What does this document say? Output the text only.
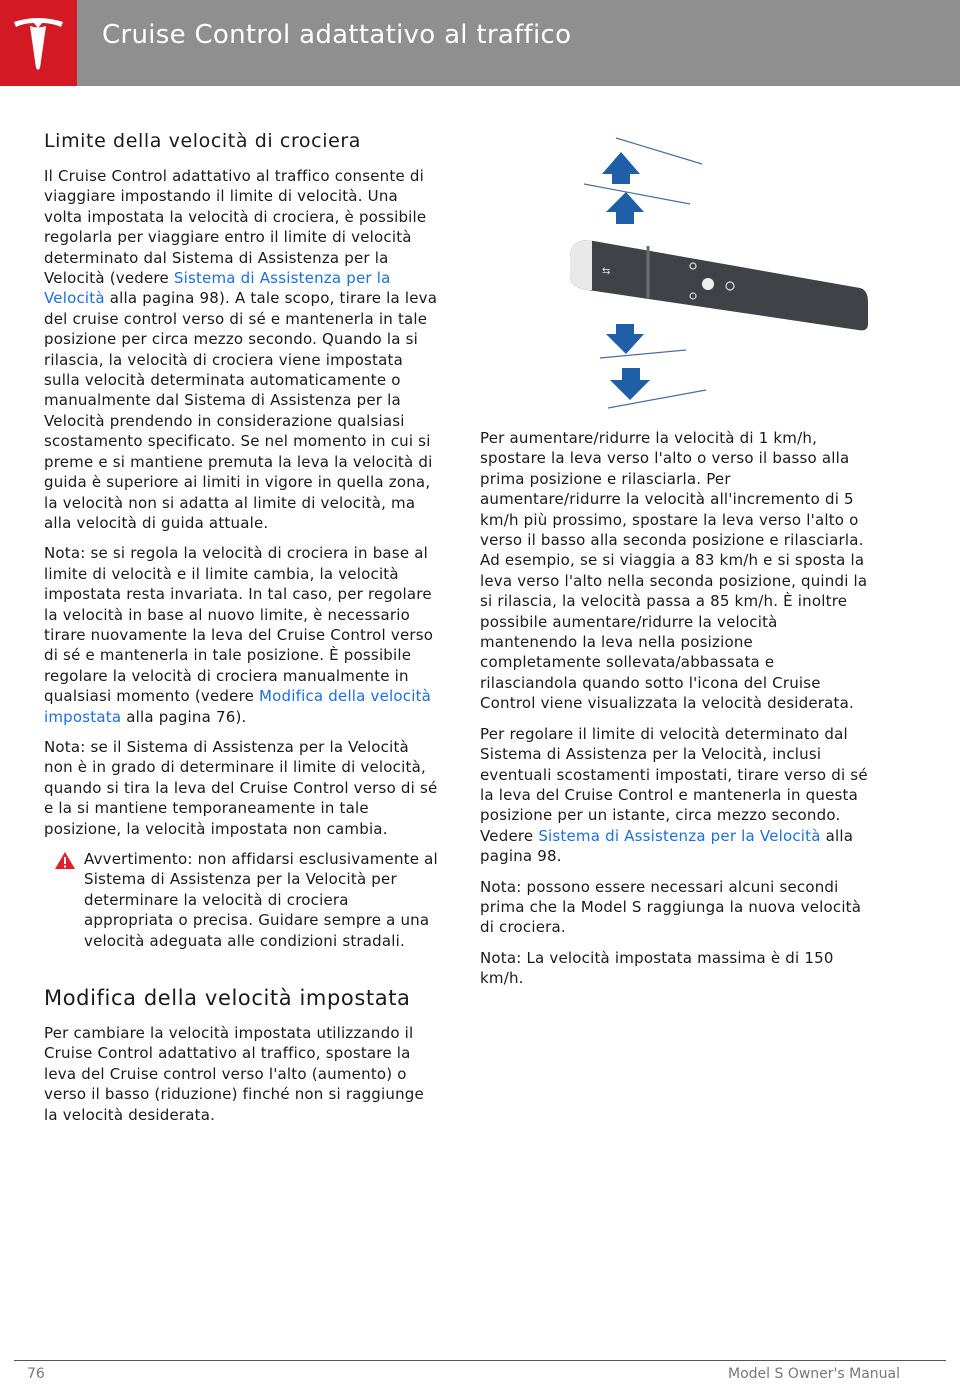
Cruise Control adattativo al traffico
Limite della velocità di crociera

Il Cruise Control adattativo al traffico consente di viaggiare impostando il limite di velocità. Una volta impostata la velocità di crociera, è possibile regolarla per viaggiare entro il limite di velocità determinato dal Sistema di Assistenza per la Velocità (vedere Sistema di Assistenza per la Velocità alla pagina 98). A tale scopo, tirare la leva del cruise control verso di sé e mantenerla in tale posizione per circa mezzo secondo. Quando la si rilascia, la velocità di crociera viene impostata sulla velocità determinata automaticamente o manualmente dal Sistema di Assistenza per la Velocità prendendo in considerazione qualsiasi scostamento specificato. Se nel momento in cui si preme e si mantiene premuta la leva la velocità di guida è superiore ai limiti in vigore in quella zona, la velocità non si adatta al limite di velocità, ma alla velocità di guida attuale.

Nota: se si regola la velocità di crociera in base al limite di velocità e il limite cambia, la velocità impostata resta invariata. In tal caso, per regolare la velocità in base al nuovo limite, è necessario tirare nuovamente la leva del Cruise Control verso di sé e mantenerla in tale posizione. È possibile regolare la velocità di crociera manualmente in qualsiasi momento (vedere Modifica della velocità impostata alla pagina 76).

Nota: se il Sistema di Assistenza per la Velocità non è in grado di determinare il limite di velocità, quando si tira la leva del Cruise Control verso di sé e la si mantiene temporaneamente in tale posizione, la velocità impostata non cambia.

Avvertimento: non affidarsi esclusivamente al Sistema di Assistenza per la Velocità per determinare la velocità di crociera appropriata o precisa. Guidare sempre a una velocità adeguata alle condizioni stradali.

Modifica della velocità impostata

Per cambiare la velocità impostata utilizzando il Cruise Control adattativo al traffico, spostare la leva del Cruise control verso l'alto (aumento) o verso il basso (riduzione) finché non si raggiunge la velocità desiderata.

⇆

Per aumentare/ridurre la velocità di 1 km/h, spostare la leva verso l'alto o verso il basso alla prima posizione e rilasciarla. Per aumentare/ridurre la velocità all'incremento di 5 km/h più prossimo, spostare la leva verso l'alto o verso il basso alla seconda posizione e rilasciarla. Ad esempio, se si viaggia a 83 km/h e si sposta la leva verso l'alto nella seconda posizione, quindi la si rilascia, la velocità passa a 85 km/h. È inoltre possibile aumentare/ridurre la velocità mantenendo la leva nella posizione completamente sollevata/abbassata e rilasciandola quando sotto l'icona del Cruise Control viene visualizzata la velocità desiderata.

Per regolare il limite di velocità determinato dal Sistema di Assistenza per la Velocità, inclusi eventuali scostamenti impostati, tirare verso di sé la leva del Cruise Control e mantenerla in questa posizione per un istante, circa mezzo secondo. Vedere Sistema di Assistenza per la Velocità alla pagina 98.

Nota: possono essere necessari alcuni secondi prima che la Model S raggiunga la nuova velocità di crociera.

Nota: La velocità impostata massima è di 150 km/h.

76	Model S Owner's Manual
